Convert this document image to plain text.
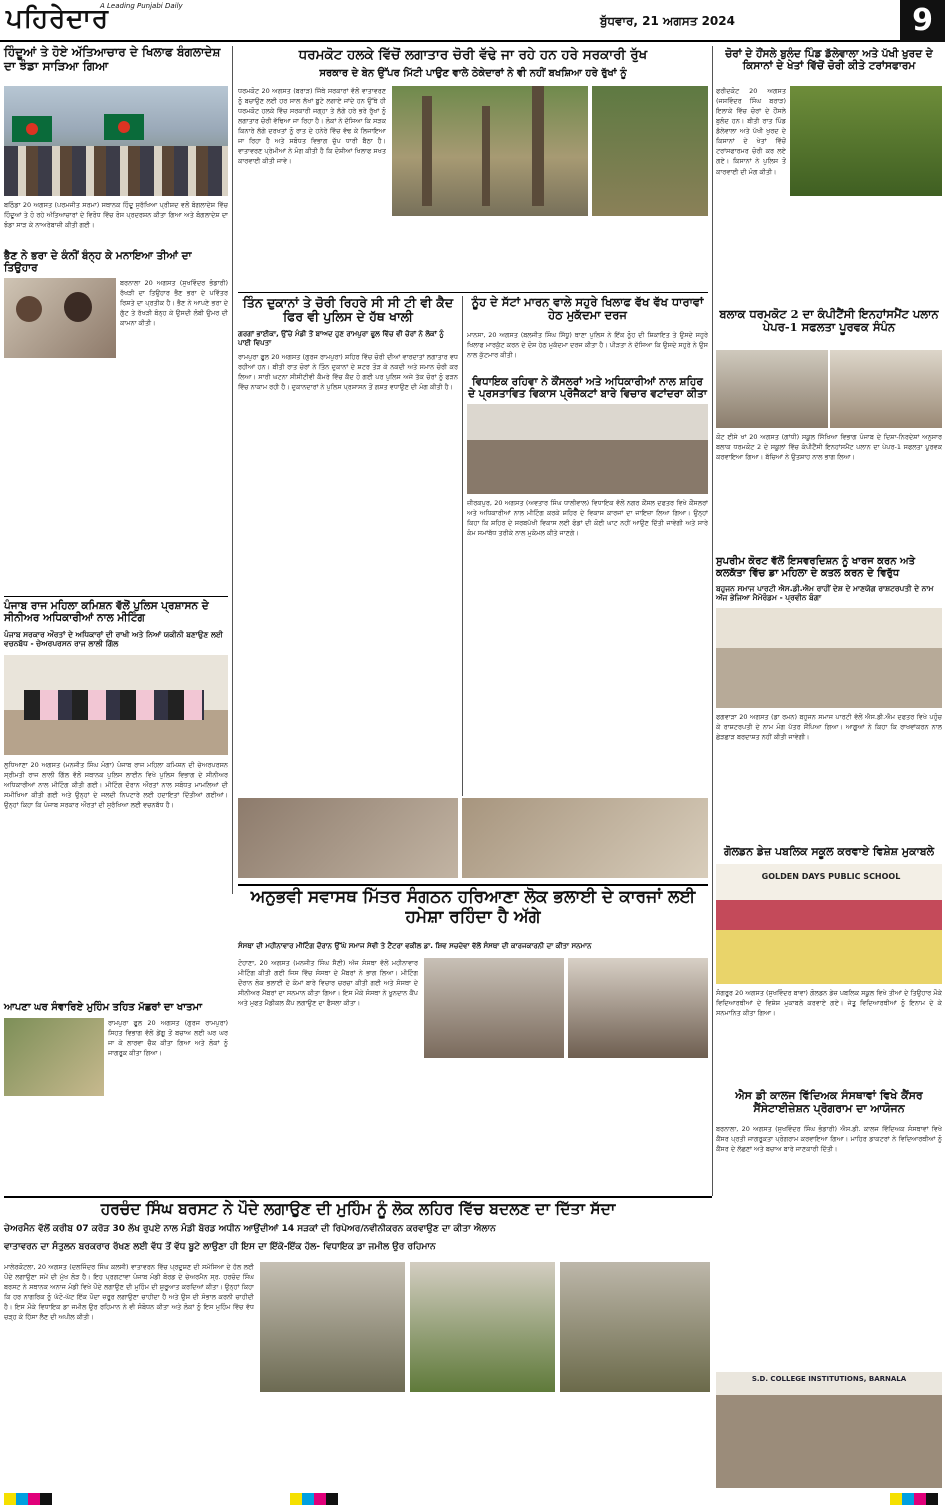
ਪਹਿਰੇਦਾਰ
A Leading Punjabi Daily
ਬੁੱਧਵਾਰ, 21 ਅਗਸਤ 2024	9
ਹਿੰਦੂਆਂ ਤੇ ਹੋਏ ਅੱਤਿਆਚਾਰ ਦੇ ਖਿਲਾਫ ਬੰਗਲਾਦੇਸ਼ ਦਾ ਝੰਡਾ ਸਾੜਿਆ ਗਿਆ
ਬਠਿੰਡਾ 20 ਅਗਸਤ (ਪਰਮਜੀਤ ਸਰਮਾ) ਸਥਾਨਕ ਹਿੰਦੂ ਸੁਰੱਖਿਆ ਪ੍ਰੀਸ਼ਦ ਵਲੋਂ ਬੰਗਲਾਦੇਸ਼ ਵਿੱਚ ਹਿੰਦੂਆਂ ਤੇ ਹੋ ਰਹੇ ਅੱਤਿਆਚਾਰਾਂ ਦੇ ਵਿਰੋਧ ਵਿੱਚ ਰੋਸ ਪ੍ਰਦਰਸ਼ਨ ਕੀਤਾ ਗਿਆ ਅਤੇ ਬੰਗਲਾਦੇਸ਼ ਦਾ ਝੰਡਾ ਸਾੜ ਕੇ ਨਾਅਰੇਬਾਜ਼ੀ ਕੀਤੀ ਗਈ।
ਭੈਣ ਨੇ ਭਰਾ ਦੇ ਕੰਨੀਂ ਬੰਨ੍ਹ ਕੇ ਮਨਾਇਆ ਤੀਆਂ ਦਾ ਤਿਉਹਾਰ
ਬਰਨਾਲਾ 20 ਅਗਸਤ (ਸੁਖਵਿੰਦਰ ਭੰਡਾਰੀ) ਰੱਖੜੀ ਦਾ ਤਿਉਹਾਰ ਭੈਣ ਭਰਾ ਦੇ ਪਵਿੱਤਰ ਰਿਸ਼ਤੇ ਦਾ ਪ੍ਰਤੀਕ ਹੈ। ਭੈਣ ਨੇ ਆਪਣੇ ਭਰਾ ਦੇ ਗੁੱਟ ਤੇ ਰੱਖੜੀ ਬੰਨ੍ਹ ਕੇ ਉਸਦੀ ਲੰਬੀ ਉਮਰ ਦੀ ਕਾਮਨਾ ਕੀਤੀ।
ਪੰਜਾਬ ਰਾਜ ਮਹਿਲਾ ਕਮਿਸ਼ਨ ਵੱਲੋਂ ਪੁਲਿਸ ਪ੍ਰਸ਼ਾਸਨ ਦੇ ਸੀਨੀਅਰ ਅਧਿਕਾਰੀਆਂ ਨਾਲ ਮੀਟਿੰਗ
ਪੰਜਾਬ ਸਰਕਾਰ ਔਰਤਾਂ ਦੇ ਅਧਿਕਾਰਾਂ ਦੀ ਰਾਖੀ ਅਤੇ ਨਿਆਂ ਯਕੀਨੀ ਬਣਾਉਣ ਲਈ ਵਚਨਬੱਧ - ਚੇਅਰਪਰਸਨ ਰਾਜ ਲਾਲੀ ਗਿੱਲ
ਲੁਧਿਆਣਾ 20 ਅਗਸਤ (ਮਨਜੀਤ ਸਿੰਘ ਮੰਗਾ) ਪੰਜਾਬ ਰਾਜ ਮਹਿਲਾ ਕਮਿਸ਼ਨ ਦੀ ਚੇਅਰਪਰਸਨ ਸ੍ਰੀਮਤੀ ਰਾਜ ਲਾਲੀ ਗਿੱਲ ਵੱਲੋਂ ਸਥਾਨਕ ਪੁਲਿਸ ਲਾਈਨ ਵਿਖੇ ਪੁਲਿਸ ਵਿਭਾਗ ਦੇ ਸੀਨੀਅਰ ਅਧਿਕਾਰੀਆਂ ਨਾਲ ਮੀਟਿੰਗ ਕੀਤੀ ਗਈ। ਮੀਟਿੰਗ ਦੌਰਾਨ ਔਰਤਾਂ ਨਾਲ ਸਬੰਧਤ ਮਾਮਲਿਆਂ ਦੀ ਸਮੀਖਿਆ ਕੀਤੀ ਗਈ ਅਤੇ ਉਨ੍ਹਾਂ ਦੇ ਜਲਦੀ ਨਿਪਟਾਰੇ ਲਈ ਹਦਾਇਤਾਂ ਦਿੱਤੀਆਂ ਗਈਆਂ। ਉਨ੍ਹਾਂ ਕਿਹਾ ਕਿ ਪੰਜਾਬ ਸਰਕਾਰ ਔਰਤਾਂ ਦੀ ਸੁਰੱਖਿਆ ਲਈ ਵਚਨਬੱਧ ਹੈ।
ਆਪਣਾ ਘਰ ਸੰਵਾਰਿਏ ਮੁਹਿੰਮ ਤਹਿਤ ਮੱਛਰਾਂ ਦਾ ਖਾਤਮਾ
ਰਾਮਪੁਰਾ ਫੂਲ 20 ਅਗਸਤ (ਗੁਰਜ ਰਾਮਪੁਰਾ) ਸਿਹਤ ਵਿਭਾਗ ਵੱਲੋਂ ਡੇਂਗੂ ਤੋਂ ਬਚਾਅ ਲਈ ਘਰ ਘਰ ਜਾ ਕੇ ਲਾਰਵਾ ਚੈਕ ਕੀਤਾ ਗਿਆ ਅਤੇ ਲੋਕਾਂ ਨੂੰ ਜਾਗਰੂਕ ਕੀਤਾ ਗਿਆ।
ਧਰਮਕੋਟ ਹਲਕੇ ਵਿੱਚੋਂ ਲਗਾਤਾਰ ਚੋਰੀ ਵੱਢੇ ਜਾ ਰਹੇ ਹਨ ਹਰੇ ਸਰਕਾਰੀ ਰੁੱਖ
ਸਰਕਾਰ ਦੇ ਬੇਨ ਉੱਪਰ ਮਿੱਟੀ ਪਾਉਣ ਵਾਲੇ ਠੇਕੇਦਾਰਾਂ ਨੇ ਵੀ ਨਹੀਂ ਬਖਸ਼ਿਆ ਹਰੇ ਰੁੱਖਾਂ ਨੂੰ
ਧਰਮਕੋਟ 20 ਅਗਸਤ (ਬਰਾੜ) ਜਿੱਥੇ ਸਰਕਾਰਾਂ ਵੱਲੋਂ ਵਾਤਾਵਰਣ ਨੂੰ ਬਚਾਉਣ ਲਈ ਹਰ ਸਾਲ ਲੱਖਾਂ ਬੂਟੇ ਲਗਾਏ ਜਾਂਦੇ ਹਨ ਉੱਥੇ ਹੀ ਧਰਮਕੋਟ ਹਲਕੇ ਵਿੱਚ ਸਰਕਾਰੀ ਜਗ੍ਹਾ ਤੇ ਲੱਗੇ ਹਰੇ ਭਰੇ ਰੁੱਖਾਂ ਨੂੰ ਲਗਾਤਾਰ ਚੋਰੀ ਵੱਢਿਆ ਜਾ ਰਿਹਾ ਹੈ। ਲੋਕਾਂ ਨੇ ਦੱਸਿਆ ਕਿ ਸੜਕ ਕਿਨਾਰੇ ਲੱਗੇ ਦਰਖਤਾਂ ਨੂੰ ਰਾਤ ਦੇ ਹਨੇਰੇ ਵਿੱਚ ਵੱਢ ਕੇ ਲਿਜਾਇਆ ਜਾ ਰਿਹਾ ਹੈ ਅਤੇ ਸਬੰਧਤ ਵਿਭਾਗ ਚੁੱਪ ਧਾਰੀ ਬੈਠਾ ਹੈ। ਵਾਤਾਵਰਣ ਪ੍ਰੇਮੀਆਂ ਨੇ ਮੰਗ ਕੀਤੀ ਹੈ ਕਿ ਦੋਸ਼ੀਆਂ ਖਿਲਾਫ ਸਖਤ ਕਾਰਵਾਈ ਕੀਤੀ ਜਾਵੇ।
ਤਿੰਨ ਦੁਕਾਨਾਂ ਤੇ ਚੋਰੀ ਰਿਹਰੇ ਸੀ ਸੀ ਟੀ ਵੀ ਕੈਦ ਫਿਰ ਵੀ ਪੁਲਿਸ ਦੇ ਹੱਥ ਖਾਲੀ
ਗਰਗਾਂ ਭਾਈਕਾ, ਉੱਚੇ ਮੰਡੀ ਤੋਂ ਬਾਅਦ ਹੁਣ ਰਾਮਪੁਰਾ ਫੂਲ ਵਿੱਚ ਵੀ ਚੋਰਾਂ ਨੇ ਲੋਕਾਂ ਨੂੰ ਪਾਈ ਵਿਪਤਾ
ਰਾਮਪੁਰਾ ਫੂਲ 20 ਅਗਸਤ (ਗੁਰਜ ਰਾਮਪੁਰਾ) ਸ਼ਹਿਰ ਵਿੱਚ ਚੋਰੀ ਦੀਆਂ ਵਾਰਦਾਤਾਂ ਲਗਾਤਾਰ ਵਧ ਰਹੀਆਂ ਹਨ। ਬੀਤੀ ਰਾਤ ਚੋਰਾਂ ਨੇ ਤਿੰਨ ਦੁਕਾਨਾਂ ਦੇ ਸ਼ਟਰ ਤੋੜ ਕੇ ਨਕਦੀ ਅਤੇ ਸਮਾਨ ਚੋਰੀ ਕਰ ਲਿਆ। ਸਾਰੀ ਘਟਨਾ ਸੀਸੀਟੀਵੀ ਕੈਮਰੇ ਵਿੱਚ ਕੈਦ ਹੋ ਗਈ ਪਰ ਪੁਲਿਸ ਅਜੇ ਤੱਕ ਚੋਰਾਂ ਨੂੰ ਫੜਨ ਵਿੱਚ ਨਾਕਾਮ ਰਹੀ ਹੈ। ਦੁਕਾਨਦਾਰਾਂ ਨੇ ਪੁਲਿਸ ਪ੍ਰਸ਼ਾਸਨ ਤੋਂ ਗਸ਼ਤ ਵਧਾਉਣ ਦੀ ਮੰਗ ਕੀਤੀ ਹੈ।
ਨੂੰਹ ਦੇ ਸੱਟਾਂ ਮਾਰਨ ਵਾਲੇ ਸਹੁਰੇ ਖਿਲਾਫ ਵੱਖ ਵੱਖ ਧਾਰਾਵਾਂ ਹੇਠ ਮੁਕੱਦਮਾ ਦਰਜ
ਮਾਨਸਾ, 20 ਅਗਸਤ (ਬਲਜੀਤ ਸਿੰਘ ਸਿੱਧੂ) ਥਾਣਾ ਪੁਲਿਸ ਨੇ ਇੱਕ ਨੂੰਹ ਦੀ ਸ਼ਿਕਾਇਤ ਤੇ ਉਸਦੇ ਸਹੁਰੇ ਖਿਲਾਫ ਮਾਰਕੁੱਟ ਕਰਨ ਦੇ ਦੋਸ਼ ਹੇਠ ਮੁਕੱਦਮਾ ਦਰਜ ਕੀਤਾ ਹੈ। ਪੀੜਤਾ ਨੇ ਦੱਸਿਆ ਕਿ ਉਸਦੇ ਸਹੁਰੇ ਨੇ ਉਸ ਨਾਲ ਕੁੱਟਮਾਰ ਕੀਤੀ।
ਵਿਧਾਇਕ ਰਹਿਵਾ ਨੇ ਕੌਂਸਲਰਾਂ ਅਤੇ ਅਧਿਕਾਰੀਆਂ ਨਾਲ ਸ਼ਹਿਰ ਦੇ ਪ੍ਰਸਤਾਵਿਤ ਵਿਕਾਸ ਪ੍ਰੋਜੈਕਟਾਂ ਬਾਰੇ ਵਿਚਾਰ ਵਟਾਂਦਰਾ ਕੀਤਾ
ਜ਼ੀਰਕਪੁਰ, 20 ਅਗਸਤ (ਅਵਤਾਰ ਸਿੰਘ ਧਾਲੀਵਾਲ) ਵਿਧਾਇਕ ਵੱਲੋਂ ਨਗਰ ਕੌਂਸਲ ਦਫਤਰ ਵਿਖੇ ਕੌਂਸਲਰਾਂ ਅਤੇ ਅਧਿਕਾਰੀਆਂ ਨਾਲ ਮੀਟਿੰਗ ਕਰਕੇ ਸ਼ਹਿਰ ਦੇ ਵਿਕਾਸ ਕਾਰਜਾਂ ਦਾ ਜਾਇਜ਼ਾ ਲਿਆ ਗਿਆ। ਉਨ੍ਹਾਂ ਕਿਹਾ ਕਿ ਸ਼ਹਿਰ ਦੇ ਸਰਬਪੱਖੀ ਵਿਕਾਸ ਲਈ ਫੰਡਾਂ ਦੀ ਕੋਈ ਘਾਟ ਨਹੀਂ ਆਉਣ ਦਿੱਤੀ ਜਾਵੇਗੀ ਅਤੇ ਸਾਰੇ ਕੰਮ ਸਮਾਂਬੱਧ ਤਰੀਕੇ ਨਾਲ ਮੁਕੰਮਲ ਕੀਤੇ ਜਾਣਗੇ।
ਅਨੁਭਵੀ ਸਵਾਸਥ ਮਿੱਤਰ ਸੰਗਠਨ ਹਰਿਆਣਾ ਲੋਕ ਭਲਾਈ ਦੇ ਕਾਰਜਾਂ ਲਈ ਹਮੇਸ਼ਾ ਰਹਿੰਦਾ ਹੈ ਅੱਗੇ
ਸੰਸਥਾ ਦੀ ਮਹੀਨਾਵਾਰ ਮੀਟਿੰਗ ਦੌਰਾਨ ਉੱਘੇ ਸਮਾਜ ਸੇਵੀ ਤੇ ਟੈਂਟਰਾ ਵਕੀਲ ਡਾ. ਸ਼ਿਵ ਸਚਦੇਵਾ ਵੱਲੋਂ ਸੰਸਥਾ ਦੀ ਕਾਰਜਕਾਰਨੀ ਦਾ ਕੀਤਾ ਸਨਮਾਨ
ਟੋਹਾਣਾ, 20 ਅਗਸਤ (ਮਨਜੀਤ ਸਿੰਘ ਸੈਣੀ) ਅੱਜ ਸੰਸਥਾ ਵੱਲੋਂ ਮਹੀਨਾਵਾਰ ਮੀਟਿੰਗ ਕੀਤੀ ਗਈ ਜਿਸ ਵਿੱਚ ਸੰਸਥਾ ਦੇ ਮੈਂਬਰਾਂ ਨੇ ਭਾਗ ਲਿਆ। ਮੀਟਿੰਗ ਦੌਰਾਨ ਲੋਕ ਭਲਾਈ ਦੇ ਕੰਮਾਂ ਬਾਰੇ ਵਿਚਾਰ ਚਰਚਾ ਕੀਤੀ ਗਈ ਅਤੇ ਸੰਸਥਾ ਦੇ ਸੀਨੀਅਰ ਮੈਂਬਰਾਂ ਦਾ ਸਨਮਾਨ ਕੀਤਾ ਗਿਆ। ਇਸ ਮੌਕੇ ਸੰਸਥਾ ਨੇ ਖੂਨਦਾਨ ਕੈਂਪ ਅਤੇ ਮੁਫਤ ਮੈਡੀਕਲ ਕੈਂਪ ਲਗਾਉਣ ਦਾ ਫੈਸਲਾ ਕੀਤਾ।
ਚੋਰਾਂ ਦੇ ਹੌਂਸਲੇ ਬੁਲੰਦ ਪਿੰਡ ਡੱਲੇਵਾਲਾ ਅਤੇ ਪੱਖੀ ਖੁਰਦ ਦੇ ਕਿਸਾਨਾਂ ਦੇ ਖੇਤਾਂ ਵਿੱਚੋਂ ਚੋਰੀ ਕੀਤੇ ਟਰਾਂਸਫਾਰਮ
ਫਰੀਦਕੋਟ 20 ਅਗਸਤ (ਜਸਵਿੰਦਰ ਸਿੰਘ ਬਰਾੜ) ਇਲਾਕੇ ਵਿੱਚ ਚੋਰਾਂ ਦੇ ਹੌਂਸਲੇ ਬੁਲੰਦ ਹਨ। ਬੀਤੀ ਰਾਤ ਪਿੰਡ ਡੱਲੇਵਾਲਾ ਅਤੇ ਪੱਖੀ ਖੁਰਦ ਦੇ ਕਿਸਾਨਾਂ ਦੇ ਖੇਤਾਂ ਵਿੱਚੋਂ ਟਰਾਂਸਫਾਰਮਰ ਚੋਰੀ ਕਰ ਲਏ ਗਏ। ਕਿਸਾਨਾਂ ਨੇ ਪੁਲਿਸ ਤੋਂ ਕਾਰਵਾਈ ਦੀ ਮੰਗ ਕੀਤੀ।
ਬਲਾਕ ਧਰਮਕੋਟ 2 ਦਾ ਕੰਪੀਟੈਂਸੀ ਇਨਹਾਂਸਮੈਂਟ ਪਲਾਨ ਪੇਪਰ-1 ਸਫਲਤਾ ਪੂਰਵਕ ਸੰਪੰਨ
ਕੋਟ ਈਸੇ ਖਾਂ 20 ਅਗਸਤ (ਗਾਂਧੀ) ਸਕੂਲ ਸਿੱਖਿਆ ਵਿਭਾਗ ਪੰਜਾਬ ਦੇ ਦਿਸ਼ਾ-ਨਿਰਦੇਸ਼ਾਂ ਅਨੁਸਾਰ ਬਲਾਕ ਧਰਮਕੋਟ 2 ਦੇ ਸਕੂਲਾਂ ਵਿੱਚ ਕੰਪੀਟੈਂਸੀ ਇਨਹਾਂਸਮੈਂਟ ਪਲਾਨ ਦਾ ਪੇਪਰ-1 ਸਫਲਤਾ ਪੂਰਵਕ ਕਰਵਾਇਆ ਗਿਆ। ਬੱਚਿਆਂ ਨੇ ਉਤਸ਼ਾਹ ਨਾਲ ਭਾਗ ਲਿਆ।
ਸੁਪਰੀਮ ਕੋਰਟ ਵੱਲੋਂ ਇਸਵਰਦਿਸ਼ਨ ਨੂੰ ਖਾਰਜ ਕਰਨ ਅਤੇ ਕਲਕੱਤਾ ਵਿੱਚ ਡਾ ਮਹਿਲਾ ਦੇ ਕਤਲ ਕਰਨ ਦੇ ਵਿਰੁੱਧ
ਬਹੁਜਨ ਸਮਾਜ ਪਾਰਟੀ ਐਸ.ਡੀ.ਐਮ ਰਾਹੀਂ ਦੇਸ਼ ਦੇ ਮਾਣਯੋਗ ਰਾਸ਼ਟਰਪਤੀ ਦੇ ਨਾਮ ਅੱਜ ਭੇਜਿਆ ਮੈਮੋਰੰਡਮ - ਪ੍ਰਵੀਨ ਬੰਗਾ
ਫਗਵਾੜਾ 20 ਅਗਸਤ (ਡਾ ਰਮਨ) ਬਹੁਜਨ ਸਮਾਜ ਪਾਰਟੀ ਵੱਲੋਂ ਐਸ.ਡੀ.ਐਮ ਦਫਤਰ ਵਿਖੇ ਪਹੁੰਚ ਕੇ ਰਾਸ਼ਟਰਪਤੀ ਦੇ ਨਾਮ ਮੰਗ ਪੱਤਰ ਸੌਂਪਿਆ ਗਿਆ। ਆਗੂਆਂ ਨੇ ਕਿਹਾ ਕਿ ਰਾਖਵਾਂਕਰਨ ਨਾਲ ਛੇੜਛਾੜ ਬਰਦਾਸ਼ਤ ਨਹੀਂ ਕੀਤੀ ਜਾਵੇਗੀ।
ਗੋਲਡਨ ਡੇਜ਼ ਪਬਲਿਕ ਸਕੂਲ ਕਰਵਾਏ ਵਿਸ਼ੇਸ਼ ਮੁਕਾਬਲੇ
GOLDEN DAYS PUBLIC SCHOOL
ਸੰਗਰੂਰ 20 ਅਗਸਤ (ਸੁਖਵਿੰਦਰ ਬਾਵਾ) ਗੋਲਡਨ ਡੇਜ਼ ਪਬਲਿਕ ਸਕੂਲ ਵਿਖੇ ਤੀਆਂ ਦੇ ਤਿਉਹਾਰ ਮੌਕੇ ਵਿਦਿਆਰਥੀਆਂ ਦੇ ਵਿਸ਼ੇਸ਼ ਮੁਕਾਬਲੇ ਕਰਵਾਏ ਗਏ। ਜੇਤੂ ਵਿਦਿਆਰਥੀਆਂ ਨੂੰ ਇਨਾਮ ਦੇ ਕੇ ਸਨਮਾਨਿਤ ਕੀਤਾ ਗਿਆ।
ਐਸ ਡੀ ਕਾਲਜ ਵਿੱਦਿਅਕ ਸੰਸਥਾਵਾਂ ਵਿਖੇ ਕੈਂਸਰ ਸੈਂਸੇਟਾਈਜ਼ੇਸ਼ਨ ਪ੍ਰੋਗਰਾਮ ਦਾ ਆਯੋਜਨ
ਬਰਨਾਲਾ, 20 ਅਗਸਤ (ਸੁਖਵਿੰਦਰ ਸਿੰਘ ਭੰਡਾਰੀ) ਐਸ.ਡੀ. ਕਾਲਜ ਵਿੱਦਿਅਕ ਸੰਸਥਾਵਾਂ ਵਿਖੇ ਕੈਂਸਰ ਪ੍ਰਤੀ ਜਾਗਰੂਕਤਾ ਪ੍ਰੋਗਰਾਮ ਕਰਵਾਇਆ ਗਿਆ। ਮਾਹਿਰ ਡਾਕਟਰਾਂ ਨੇ ਵਿਦਿਆਰਥੀਆਂ ਨੂੰ ਕੈਂਸਰ ਦੇ ਲੱਛਣਾਂ ਅਤੇ ਬਚਾਅ ਬਾਰੇ ਜਾਣਕਾਰੀ ਦਿੱਤੀ।
S.D. COLLEGE INSTITUTIONS, BARNALA
ਹਰਚੰਦ ਸਿੰਘ ਬਰਸਟ ਨੇ ਪੌਦੇ ਲਗਾਉਣ ਦੀ ਮੁਹਿੰਮ ਨੂੰ ਲੋਕ ਲਹਿਰ ਵਿੱਚ ਬਦਲਣ ਦਾ ਦਿੱਤਾ ਸੱਦਾ
ਚੇਅਰਮੈਨ ਵੱਲੋਂ ਕਰੀਬ 07 ਕਰੋੜ 30 ਲੱਖ ਰੁਪਏ ਨਾਲ ਮੰਡੀ ਬੋਰਡ ਅਧੀਨ ਆਉਂਦੀਆਂ 14 ਸੜਕਾਂ ਦੀ ਰਿਪੇਅਰ/ਨਵੀਨੀਕਰਨ ਕਰਵਾਉਣ ਦਾ ਕੀਤਾ ਐਲਾਨ
ਵਾਤਾਵਰਨ ਦਾ ਸੰਤੁਲਨ ਬਰਕਰਾਰ ਰੱਖਣ ਲਈ ਵੱਧ ਤੋਂ ਵੱਧ ਬੂਟੇ ਲਾਉਣਾ ਹੀ ਇਸ ਦਾ ਇੱਕੋ-ਇੱਕ ਹੱਲ- ਵਿਧਾਇਕ ਡਾ ਜਮੀਲ ਉਰ ਰਹਿਮਾਨ
ਮਾਲੇਰਕੋਟਲਾ, 20 ਅਗਸਤ (ਦਲਜਿੰਦਰ ਸਿੰਘ ਕਲਸੀ) ਵਾਤਾਵਰਨ ਵਿੱਚ ਪ੍ਰਦੂਸ਼ਣ ਦੀ ਸਮੱਸਿਆ ਦੇ ਹੱਲ ਲਈ ਪੌਦੇ ਲਗਾਉਣਾ ਸਮੇਂ ਦੀ ਮੁੱਖ ਲੋੜ ਹੈ। ਇਹ ਪ੍ਰਗਟਾਵਾ ਪੰਜਾਬ ਮੰਡੀ ਬੋਰਡ ਦੇ ਚੇਅਰਮੈਨ ਸ੍ਰ. ਹਰਚੰਦ ਸਿੰਘ ਬਰਸਟ ਨੇ ਸਥਾਨਕ ਅਨਾਜ ਮੰਡੀ ਵਿਖੇ ਪੌਦੇ ਲਗਾਉਣ ਦੀ ਮੁਹਿੰਮ ਦੀ ਸ਼ੁਰੂਆਤ ਕਰਦਿਆਂ ਕੀਤਾ। ਉਨ੍ਹਾਂ ਕਿਹਾ ਕਿ ਹਰ ਨਾਗਰਿਕ ਨੂੰ ਘੱਟੋ-ਘੱਟ ਇੱਕ ਪੌਦਾ ਜ਼ਰੂਰ ਲਗਾਉਣਾ ਚਾਹੀਦਾ ਹੈ ਅਤੇ ਉਸ ਦੀ ਸੰਭਾਲ ਕਰਨੀ ਚਾਹੀਦੀ ਹੈ। ਇਸ ਮੌਕੇ ਵਿਧਾਇਕ ਡਾ ਜਮੀਲ ਉਰ ਰਹਿਮਾਨ ਨੇ ਵੀ ਸੰਬੋਧਨ ਕੀਤਾ ਅਤੇ ਲੋਕਾਂ ਨੂੰ ਇਸ ਮੁਹਿੰਮ ਵਿੱਚ ਵੱਧ ਚੜ੍ਹ ਕੇ ਹਿੱਸਾ ਲੈਣ ਦੀ ਅਪੀਲ ਕੀਤੀ।
